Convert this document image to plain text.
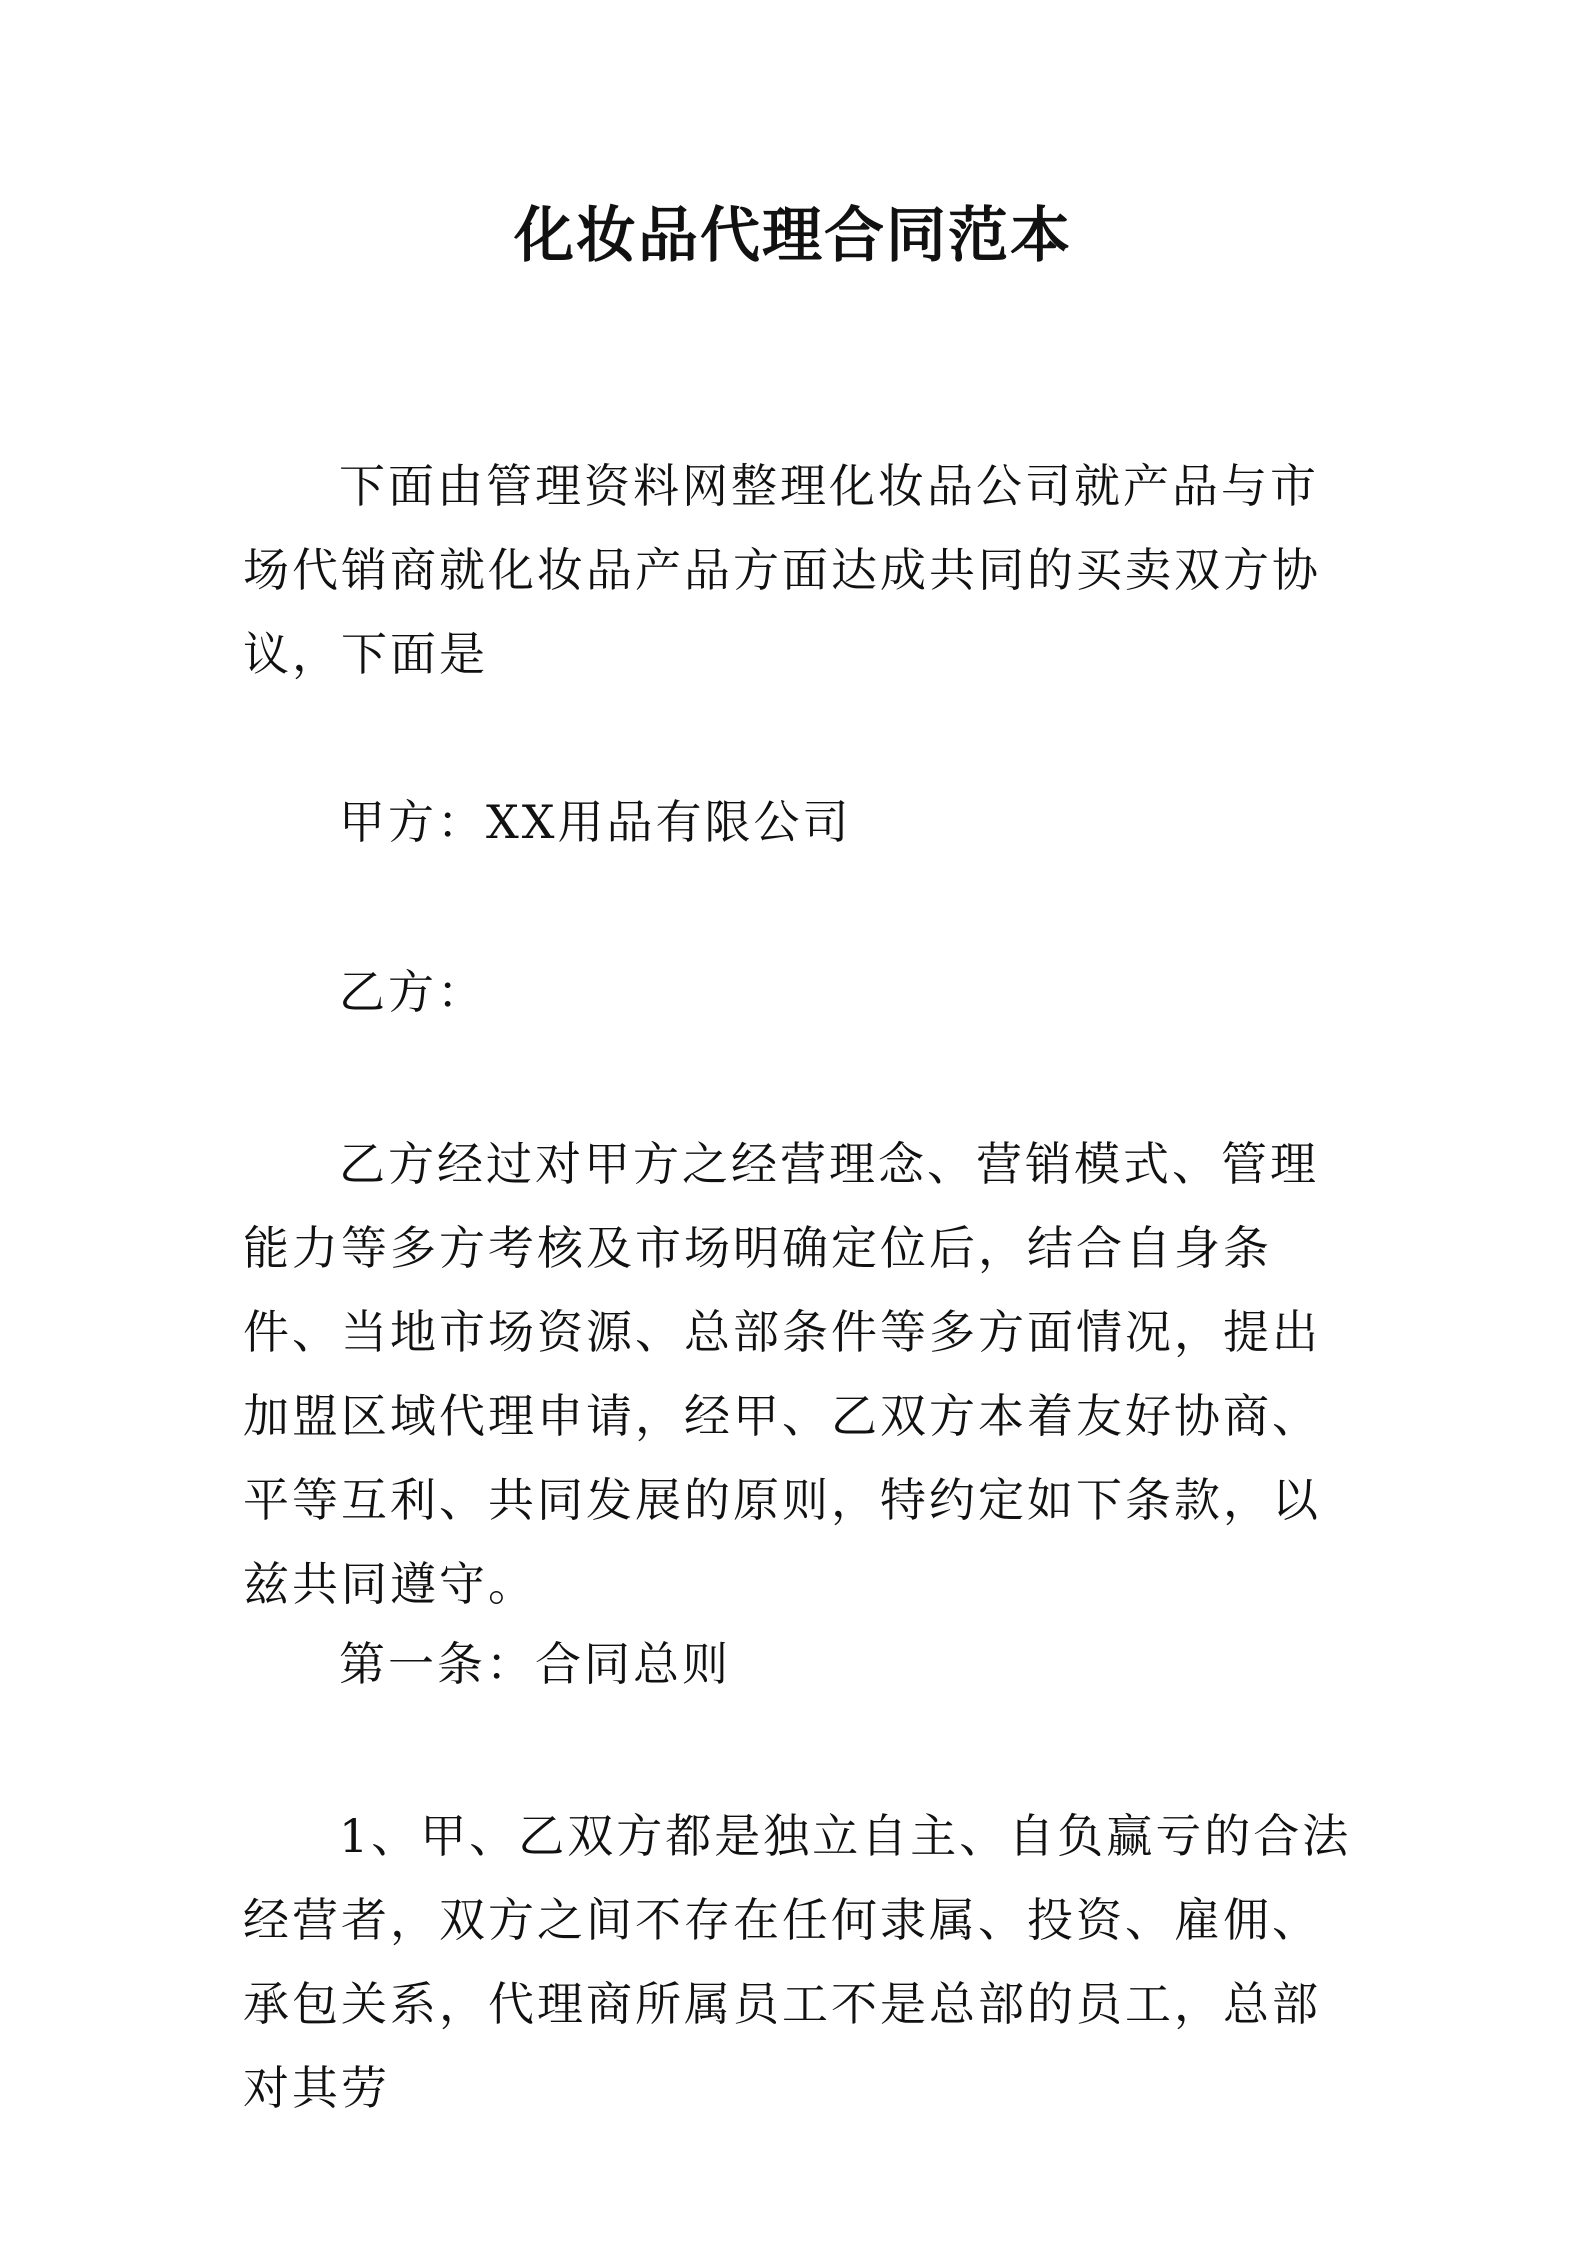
化妆品代理合同范本

下面由管理资料网整理化妆品公司就产品与市场代销商就化妆品产品方面达成共同的买卖双方协议，下面是

甲方：XX用品有限公司

乙方：

乙方经过对甲方之经营理念、营销模式、管理能力等多方考核及市场明确定位后，结合自身条件、当地市场资源、总部条件等多方面情况，提出加盟区域代理申请，经甲、乙双方本着友好协商、平等互利、共同发展的原则，特约定如下条款，以兹共同遵守。

第一条：合同总则

1、甲、乙双方都是独立自主、自负赢亏的合法经营者，双方之间不存在任何隶属、投资、雇佣、承包关系，代理商所属员工不是总部的员工，总部对其劳
